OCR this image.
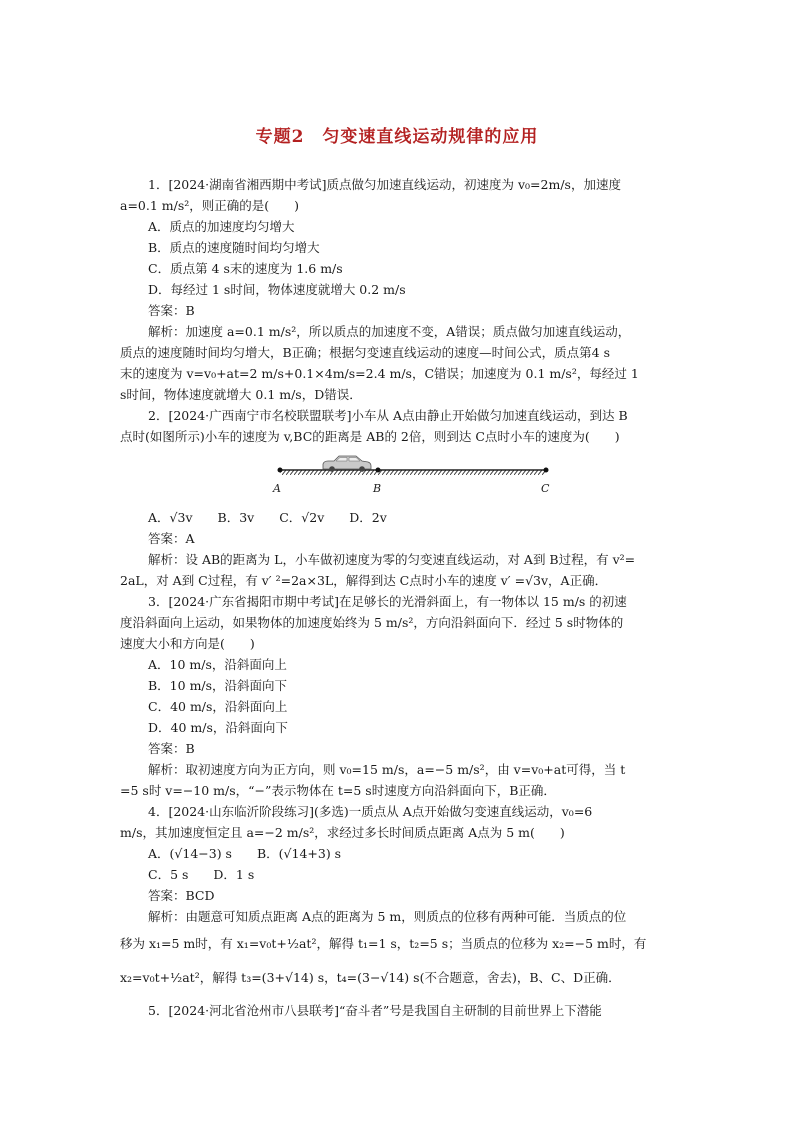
专题2　匀变速直线运动规律的应用
1．[2024·湖南省湘西期中考试]质点做匀加速直线运动，初速度为 v₀=2m/s，加速度
a=0.1 m/s²，则正确的是(　　)
A．质点的加速度均匀增大
B．质点的速度随时间均匀增大
C．质点第 4 s末的速度为 1.6 m/s
D．每经过 1 s时间，物体速度就增大 0.2 m/s
答案：B
解析：加速度 a=0.1 m/s²，所以质点的加速度不变，A错误；质点做匀加速直线运动，
质点的速度随时间均匀增大，B正确；根据匀变速直线运动的速度—时间公式，质点第4 s
末的速度为 v=v₀+at=2 m/s+0.1×4m/s=2.4 m/s，C错误；加速度为 0.1 m/s²，每经过 1
s时间，物体速度就增大 0.1 m/s，D错误．
2．[2024·广西南宁市名校联盟联考]小车从 A点由静止开始做匀加速直线运动，到达 B
点时(如图所示)小车的速度为 v,BC的距离是 AB的 2倍，则到达 C点时小车的速度为(　　)
A	B	C
A．√3v　　B．3v　　C．√2v　　D．2v
答案：A
解析：设 AB的距离为 L，小车做初速度为零的匀变速直线运动，对 A到 B过程，有 v²=
2aL，对 A到 C过程，有 v′ ²=2a×3L，解得到达 C点时小车的速度 v′ =√3v，A正确．
3．[2024·广东省揭阳市期中考试]在足够长的光滑斜面上，有一物体以 15 m/s 的初速
度沿斜面向上运动，如果物体的加速度始终为 5 m/s²，方向沿斜面向下．经过 5 s时物体的
速度大小和方向是(　　)
A．10 m/s，沿斜面向上
B．10 m/s，沿斜面向下
C．40 m/s，沿斜面向上
D．40 m/s，沿斜面向下
答案：B
解析：取初速度方向为正方向，则 v₀=15 m/s，a=−5 m/s²，由 v=v₀+at可得，当 t
=5 s时 v=−10 m/s，“−”表示物体在 t=5 s时速度方向沿斜面向下，B正确．
4．[2024·山东临沂阶段练习](多选)一质点从 A点开始做匀变速直线运动，v₀=6
m/s，其加速度恒定且 a=−2 m/s²，求经过多长时间质点距离 A点为 5 m(　　)
A．(√14−3) s　　B．(√14+3) s
C．5 s　　D．1 s
答案：BCD
解析：由题意可知质点距离 A点的距离为 5 m，则质点的位移有两种可能．当质点的位
移为 x₁=5 m时，有 x₁=v₀t+½at²，解得 t₁=1 s，t₂=5 s；当质点的位移为 x₂=−5 m时，有
x₂=v₀t+½at²，解得 t₃=(3+√14) s，t₄=(3−√14) s(不合题意，舍去)，B、C、D正确．
5．[2024·河北省沧州市八县联考]“奋斗者”号是我国自主研制的目前世界上下潜能
